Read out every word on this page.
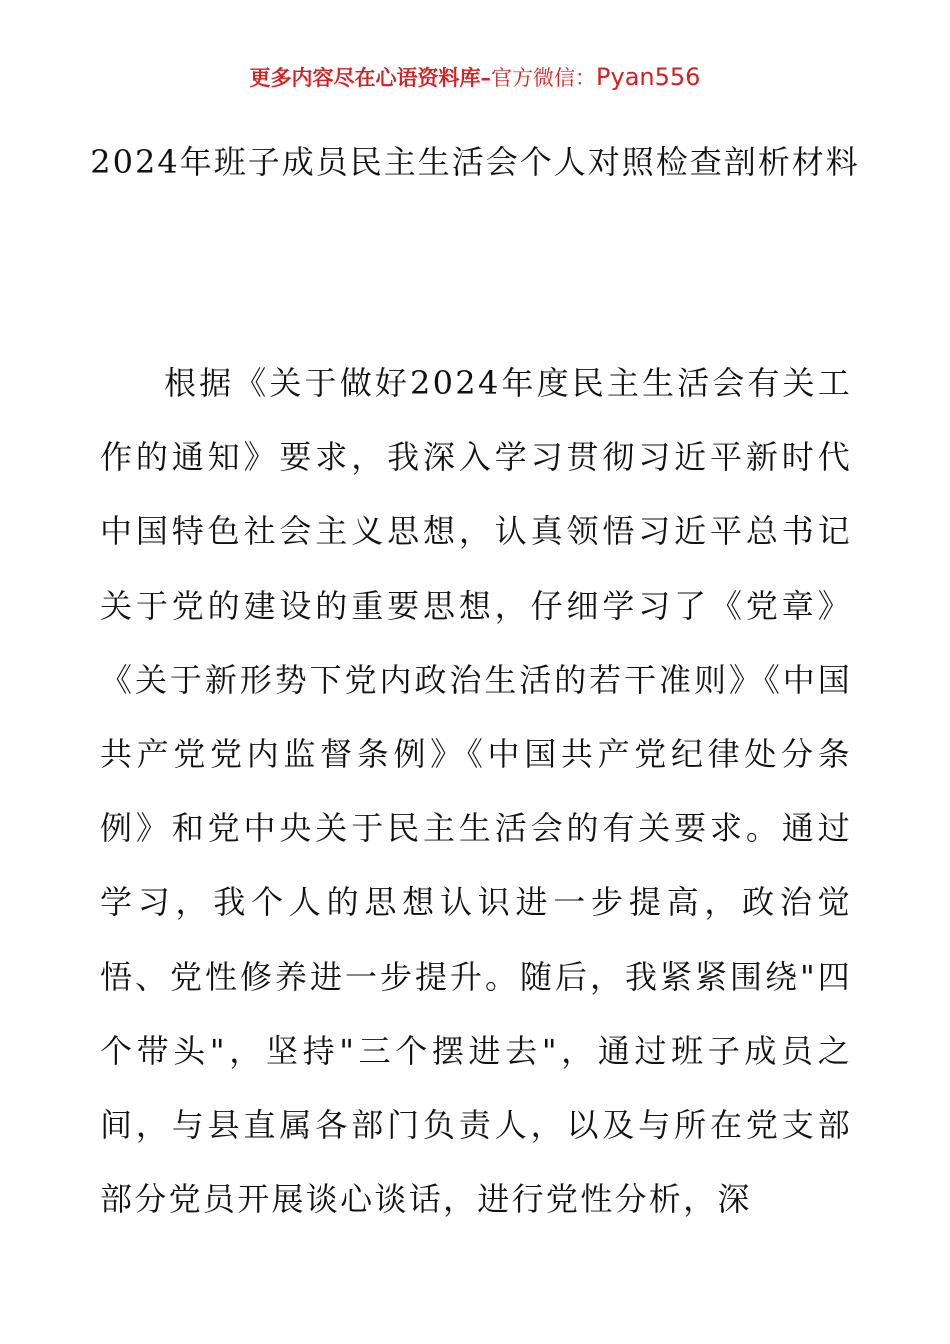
更多内容尽在心语资料库–官方微信：Pyan556
2024年班子成员民主生活会个人对照检查剖析材料
根据《关于做好2024年度民主生活会有关工作的通知》要求，我深入学习贯彻习近平新时代中国特色社会主义思想，认真领悟习近平总书记关于党的建设的重要思想，仔细学习了《党章》《关于新形势下党内政治生活的若干准则》《中国共产党党内监督条例》《中国共产党纪律处分条例》和党中央关于民主生活会的有关要求。通过学习，我个人的思想认识进一步提高，政治觉悟、党性修养进一步提升。随后，我紧紧围绕"四个带头"，坚持"三个摆进去"，通过班子成员之间，与县直属各部门负责人，以及与所在党支部部分党员开展谈心谈话，进行党性分析，深
